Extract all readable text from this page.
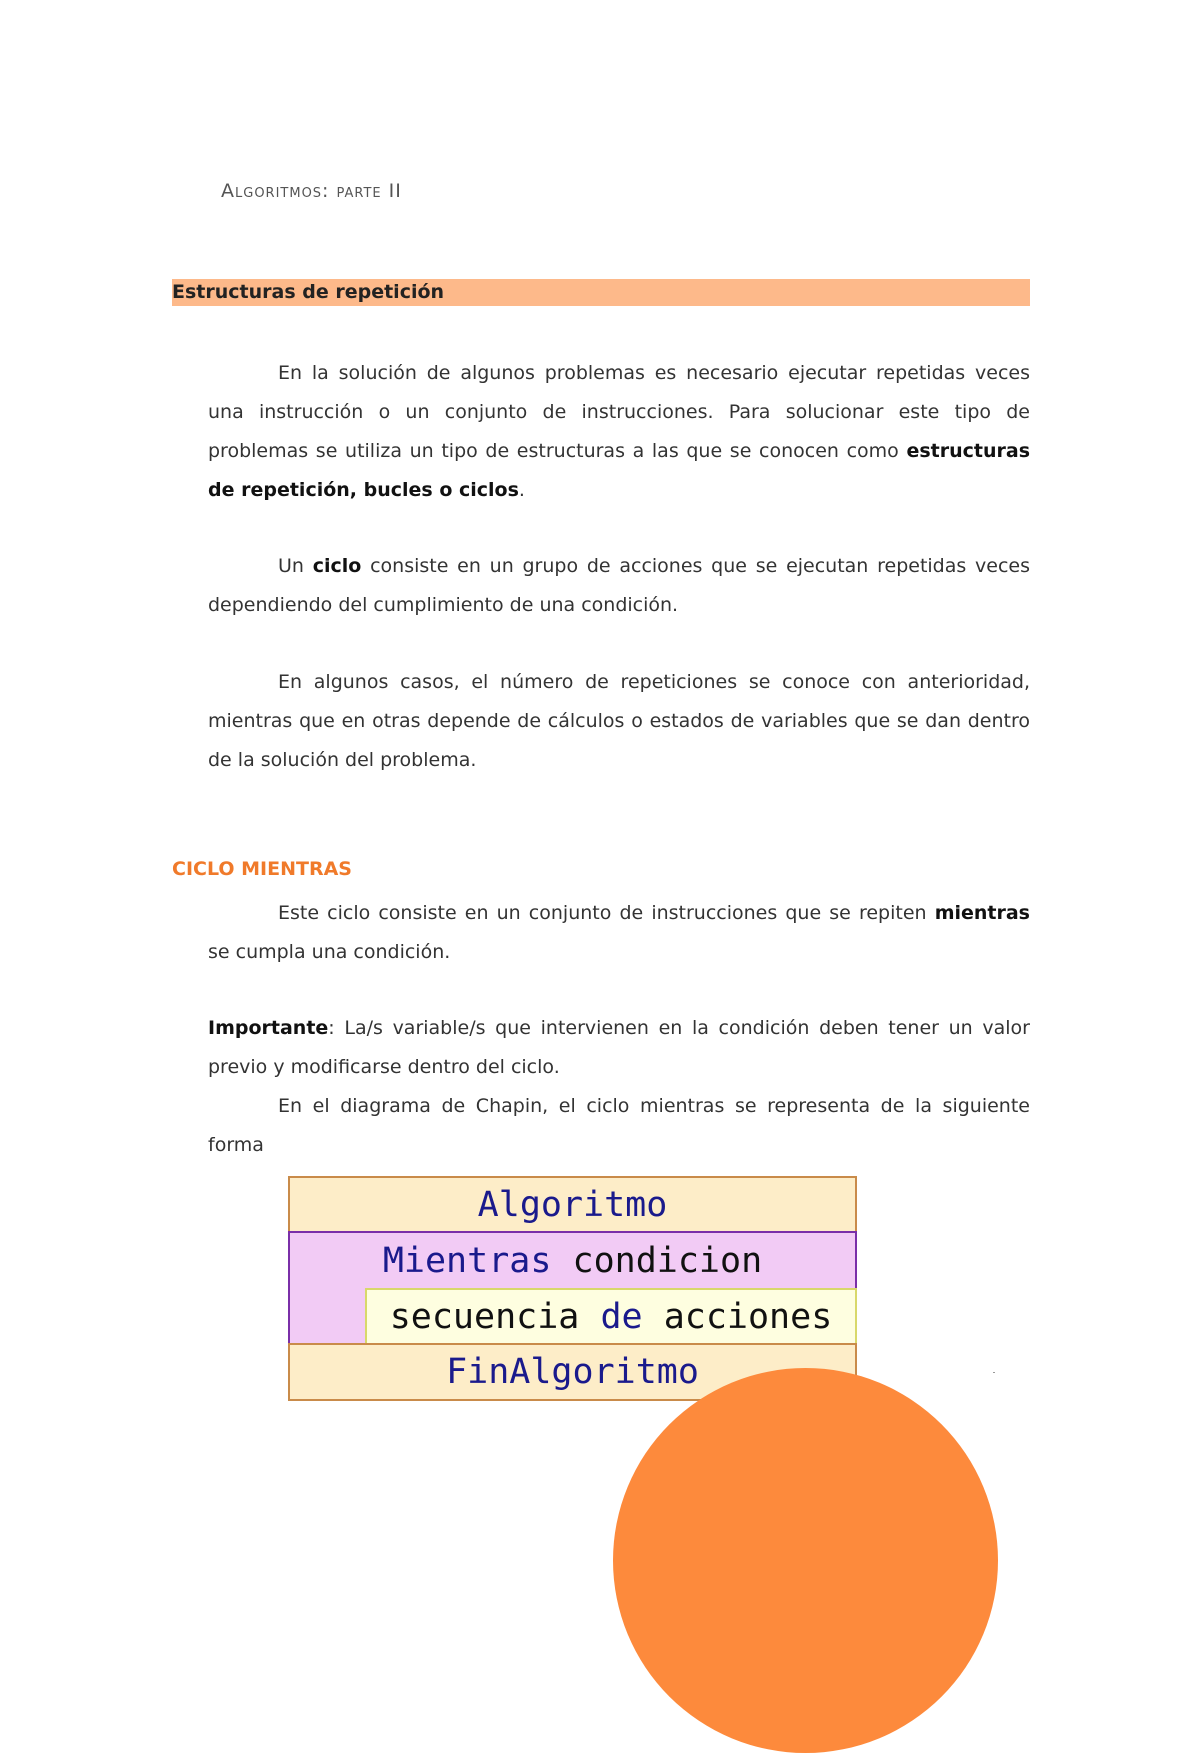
Algoritmos: parte II
Estructuras de repetición
En la solución de algunos problemas es necesario ejecutar repetidas veces una instrucción o un conjunto de instrucciones. Para solucionar este tipo de problemas se utiliza un tipo de estructuras a las que se conocen como estructuras de repetición, bucles o ciclos.
Un ciclo consiste en un grupo de acciones que se ejecutan repetidas veces dependiendo del cumplimiento de una condición.
En algunos casos, el número de repeticiones se conoce con anterioridad, mientras que en otras depende de cálculos o estados de variables que se dan dentro de la solución del problema.
CICLO MIENTRAS
Este ciclo consiste en un conjunto de instrucciones que se repiten mientras se cumpla una condición.
Importante: La/s variable/s que intervienen en la condición deben tener un valor previo y modificarse dentro del ciclo.
En el diagrama de Chapin, el ciclo mientras se representa de la siguiente forma
Algoritmo
Mientras
condicion
secuencia
de
acciones
FinAlgoritmo
